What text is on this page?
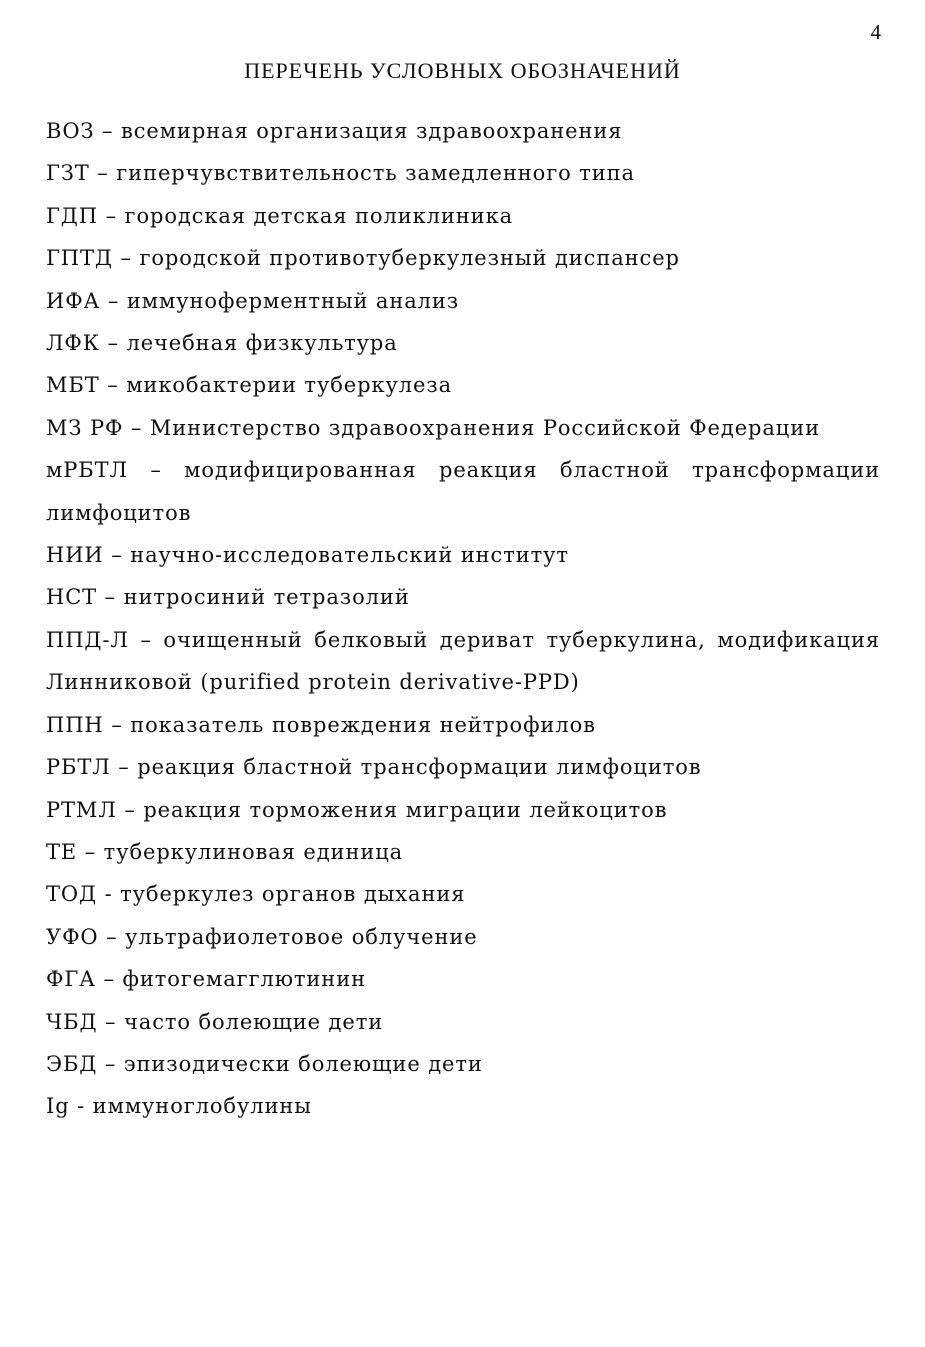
4
ПЕРЕЧЕНЬ УСЛОВНЫХ ОБОЗНАЧЕНИЙ
ВОЗ – всемирная организация здравоохранения
ГЗТ – гиперчувствительность замедленного типа
ГДП – городская детская поликлиника
ГПТД – городской противотуберкулезный диспансер
ИФА – иммуноферментный анализ
ЛФК – лечебная физкультура
МБТ – микобактерии туберкулеза
МЗ РФ – Министерство здравоохранения Российской Федерации
мРБТЛ – модифицированная реакция бластной трансформации лимфоцитов
НИИ – научно-исследовательский институт
НСТ – нитросиний тетразолий
ППД-Л – очищенный белковый дериват туберкулина, модификация Линниковой (purified protein derivative-PPD)
ППН – показатель повреждения нейтрофилов
РБТЛ – реакция бластной трансформации лимфоцитов
РТМЛ – реакция торможения миграции лейкоцитов
ТЕ – туберкулиновая единица
ТОД - туберкулез органов дыхания
УФО – ультрафиолетовое облучение
ФГА – фитогемагглютинин
ЧБД – часто болеющие дети
ЭБД – эпизодически болеющие дети
Ig - иммуноглобулины
